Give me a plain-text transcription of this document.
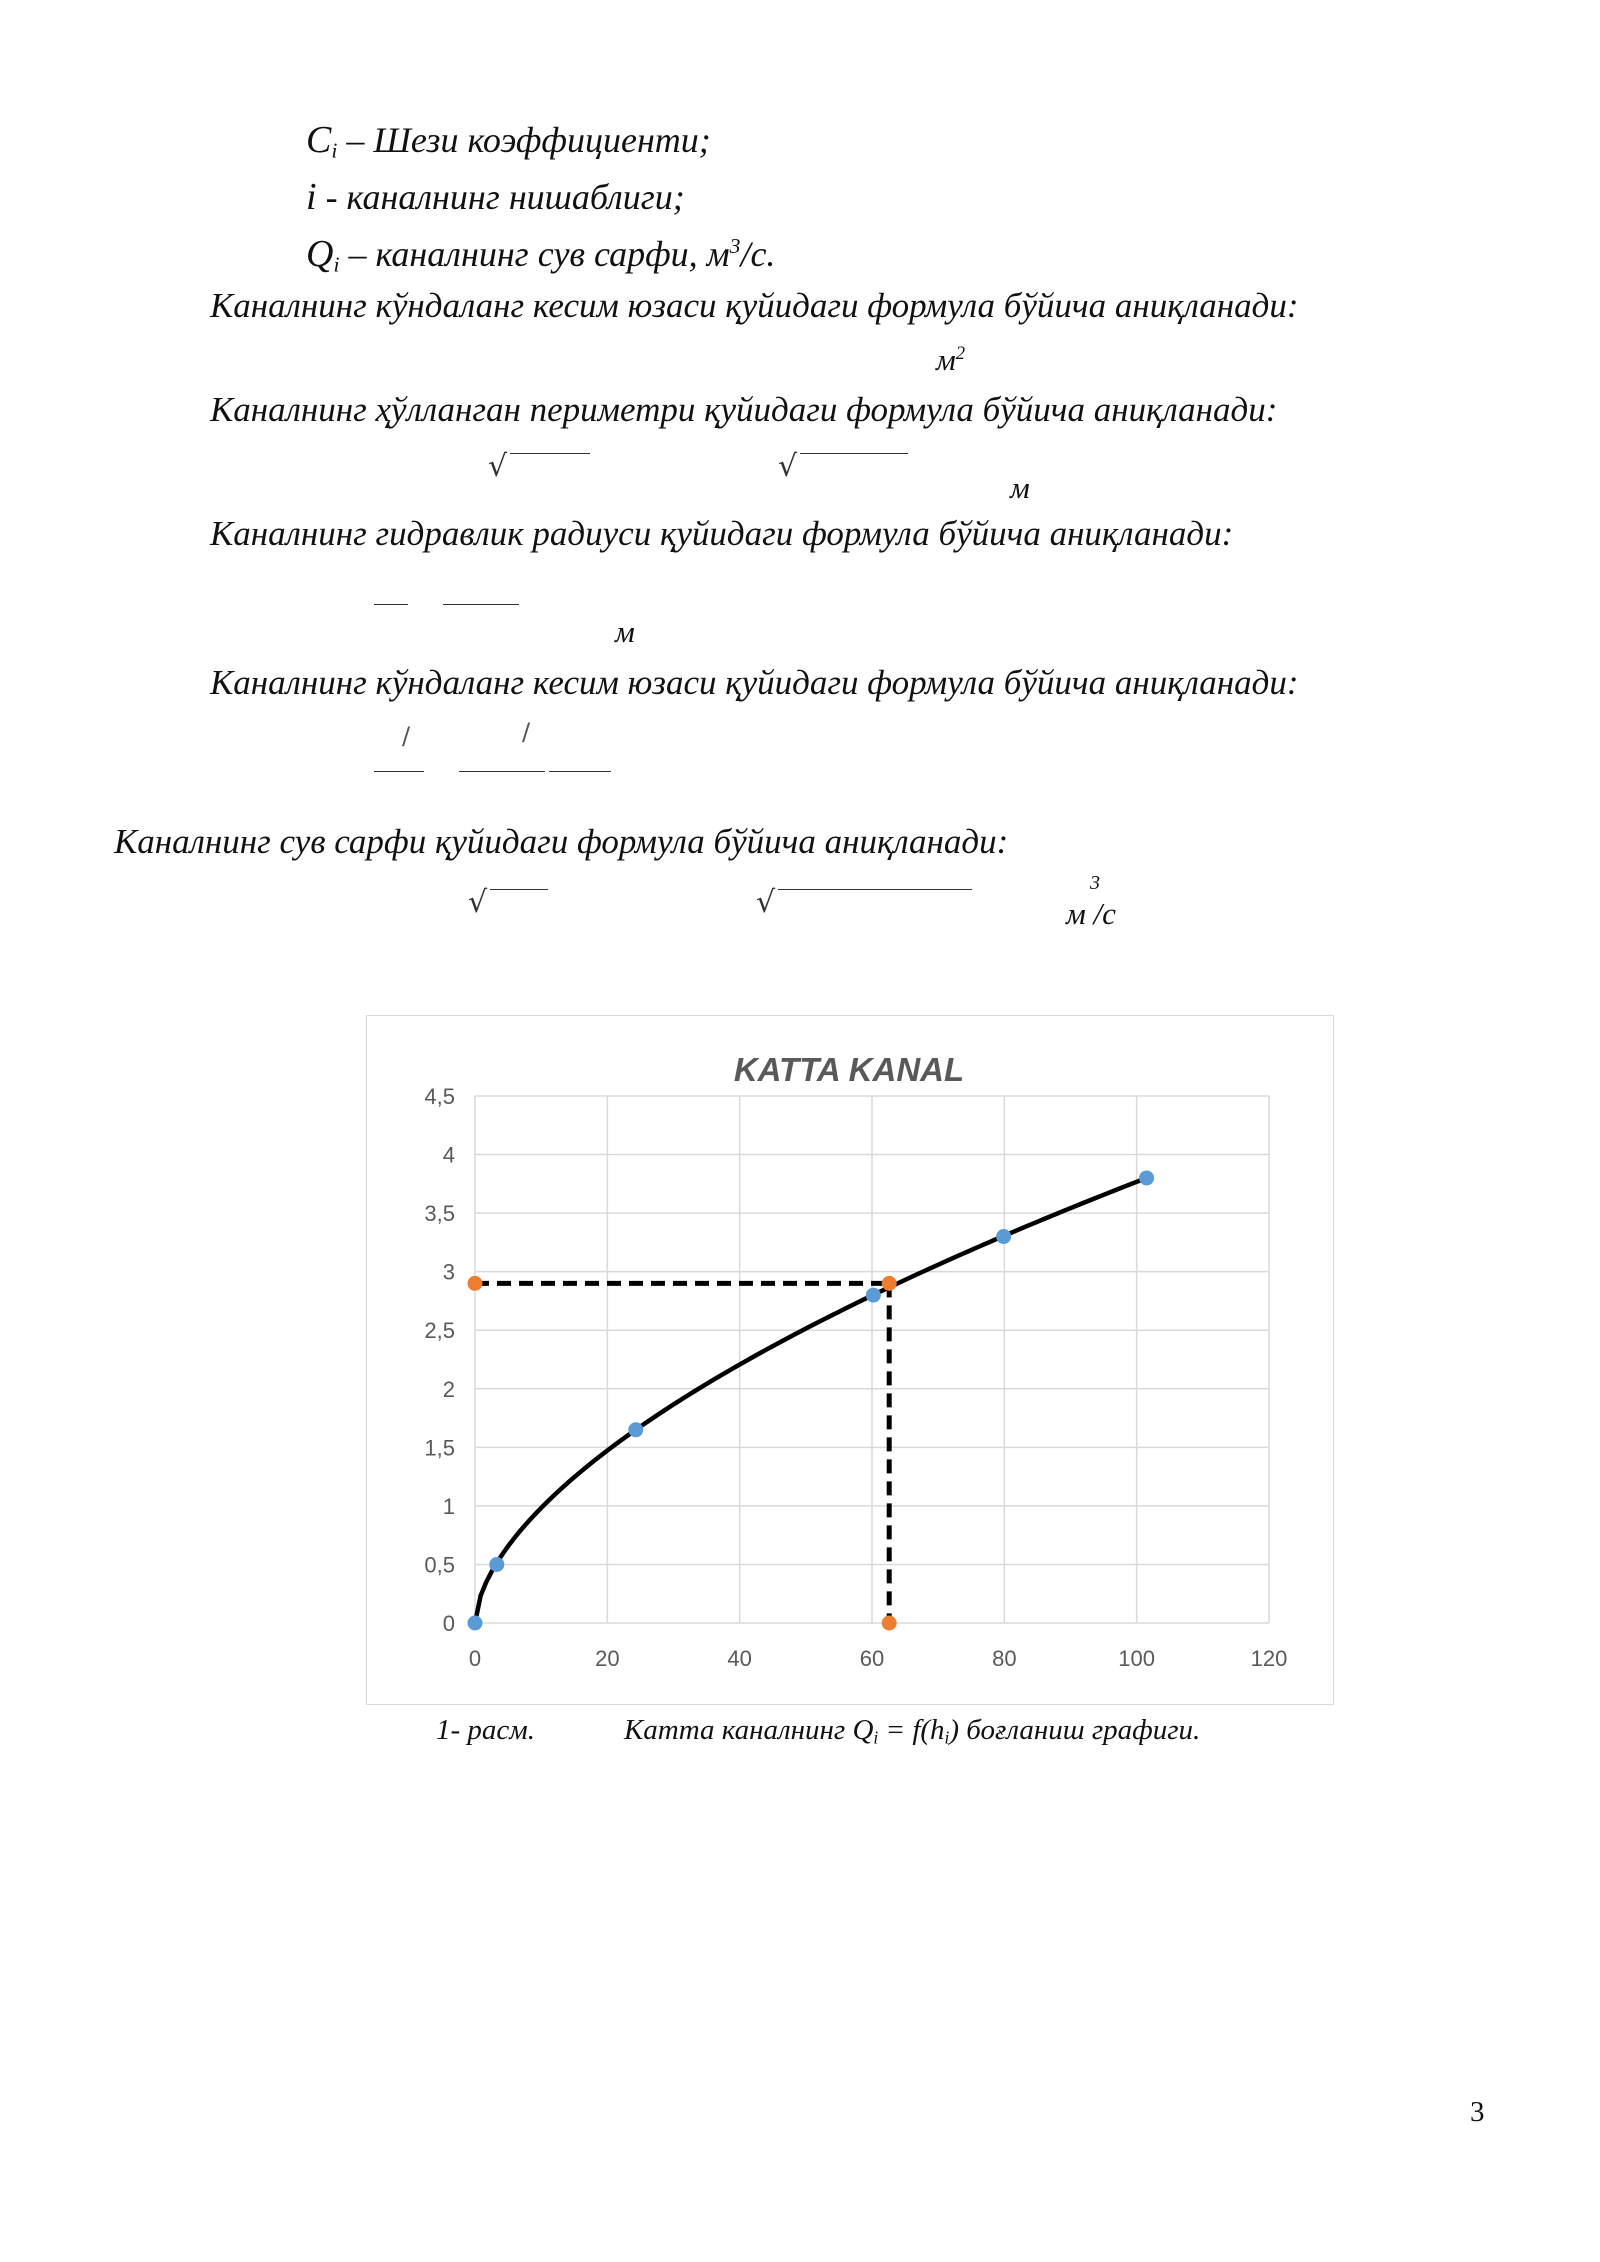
$C_i$ – Шези коэффициенти;
i - каналнинг нишаблиги;
$Q_i$ – каналнинг сув сарфи, $м^3/с$.
Каналнинг кўндаланг кесим юзаси қуйидаги формула бўйича аниқланади:
$м^2$
Каналнинг ҳўлланган периметри қуйидаги формула бўйича аниқланади:
√	√
м
Каналнинг гидравлик радиуси қуйидаги формула бўйича аниқланади:
м
Каналнинг кўндаланг кесим юзаси қуйидаги формула бўйича аниқланади:
/	/
Каналнинг сув сарфи қуйидаги формула бўйича аниқланади:
√	√
3
м /с
KATTA KANAL
0
0,5
1
1,5
2
2,5
3
3,5
4
4,5
0	20	40	60	80	100	120
1- расм.	Катта каналнинг $Q_i = f(h_i)$ боғланиш графиги.
3
